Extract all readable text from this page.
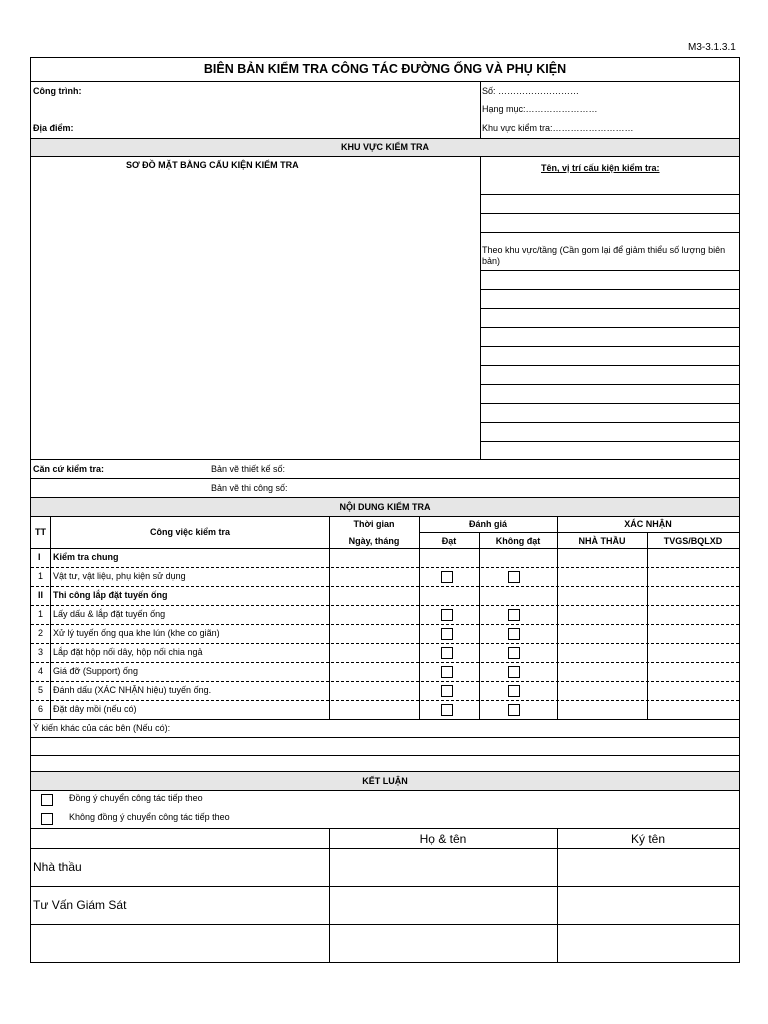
M3-3.1.3.1
BIÊN BẢN KIỂM TRA CÔNG TÁC ĐƯỜNG ỐNG VÀ PHỤ KIỆN
Công trình:
Địa điểm:
Số: ………………………
Hạng mục:……………………
Khu vực kiểm tra:………………………
KHU VỰC KIỂM TRA
SƠ ĐỒ MẶT BẰNG CẤU KIỆN KIỂM TRA	Tên, vị trí cấu kiện kiểm tra:
Theo khu vực/tầng (Cần gom lại để giảm thiểu số lượng biên bản)
Căn cứ kiểm tra:	Bản vẽ thiết kế số:
Bản vẽ thi công số:
NỘI DUNG KIỂM TRA
TT	Công việc kiểm tra
Thời gian
Ngày, tháng
Đánh giá
Đạt	Không đạt
XÁC NHẬN
NHÀ THẦU	TVGS/BQLXD
I Kiểm tra chung
1 Vật tư, vật liệu, phụ kiện sử dụng
II Thi công lắp đặt tuyến ống
1 Lấy dấu & lắp đặt tuyến ống
2 Xử lý tuyến ống qua khe lún (khe co giãn)
3 Lắp đặt hộp nối dây, hộp nối chia ngả
4 Giá đỡ (Support) ống
5 Đánh dấu (XÁC NHẬN hiệu) tuyến ống.
6 Đặt dây mồi (nếu có)
Ý kiến khác của các bên (Nếu có):
KẾT LUẬN
Đồng ý chuyển công tác tiếp theo
Không đồng ý chuyển công tác tiếp theo
Họ & tên	Ký tên
Nhà thầu
Tư Vấn Giám Sát
